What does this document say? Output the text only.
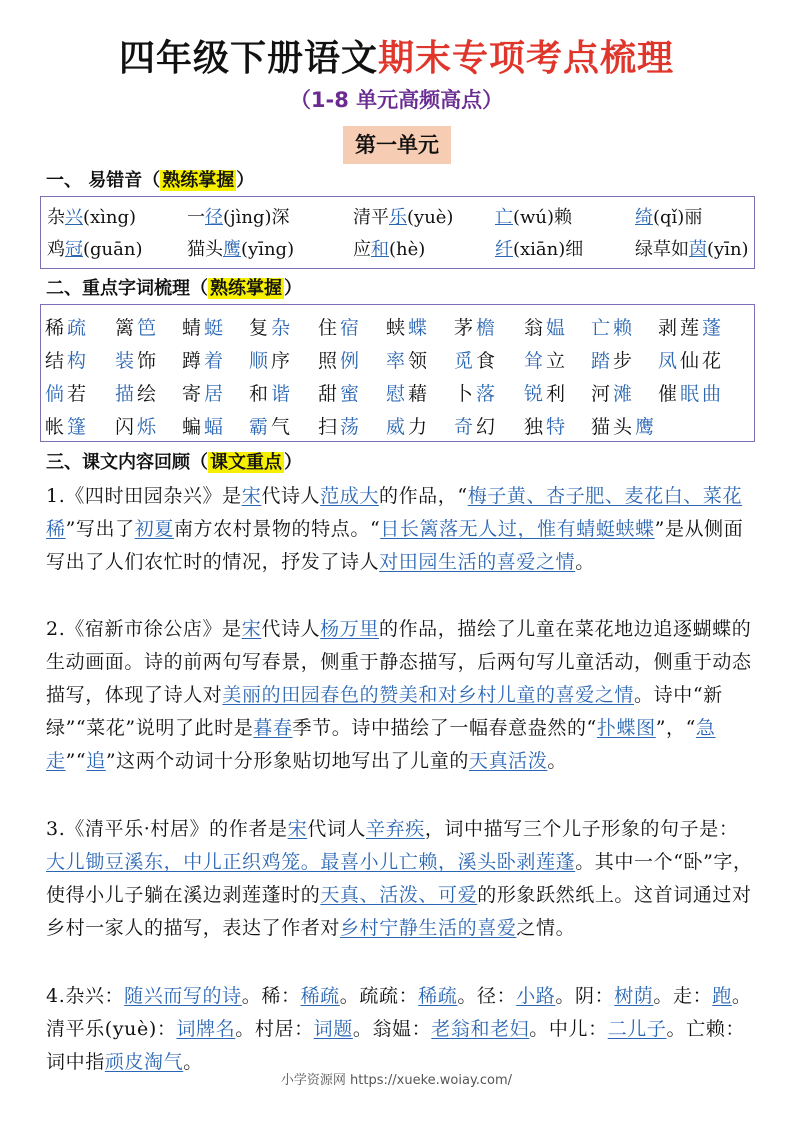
四年级下册语文期末专项考点梳理
（1-8 单元高频高点）
第一单元
一、 易错音（ 熟练掌握 ）
杂兴(xìng)	一径(jìng)深	清平乐(yuè) 亡(wú)赖	绮(qǐ)丽
鸡冠(guān) 猫头鹰(yīng)	应和(hè)	纤(xiān)细	绿草如茵(yīn)
二、重点字词梳理（ 熟练掌握 ）
稀疏 篱笆 蜻蜓 复杂 住宿 蛱蝶 茅檐 翁媪 亡赖 剥莲蓬
结构 装饰 蹲着 顺序 照例 率领 觅食 耸立 踏步 凤仙花
倘若 描绘 寄居 和谐 甜蜜 慰藉 卜落 锐利 河滩 催眠曲
帐篷 闪烁 蝙蝠 霸气 扫荡 威力 奇幻 独特 猫头鹰
三、课文内容回顾（ 课文重点 ）
1.《四时田园杂兴》是宋代诗人范成大的作品，“梅子黄、杏子肥、麦花白、菜花稀”写出了初夏南方农村景物的特点。“日长篱落无人过，惟有蜻蜓蛱蝶”是从侧面写出了人们农忙时的情况，抒发了诗人对田园生活的喜爱之情。
2.《宿新市徐公店》是宋代诗人杨万里的作品，描绘了儿童在菜花地边追逐蝴蝶的生动画面。诗的前两句写春景，侧重于静态描写，后两句写儿童活动，侧重于动态描写，体现了诗人对美丽的田园春色的赞美和对乡村儿童的喜爱之情。诗中“新绿”“菜花”说明了此时是暮春季节。诗中描绘了一幅春意盎然的“扑蝶图”，“急走”“追”这两个动词十分形象贴切地写出了儿童的天真活泼。
3.《清平乐·村居》的作者是宋代词人辛弃疾，词中描写三个儿子形象的句子是：大儿锄豆溪东，中儿正织鸡笼。最喜小儿亡赖，溪头卧剥莲蓬。其中一个“卧”字，使得小儿子躺在溪边剥莲蓬时的天真、活泼、可爱的形象跃然纸上。这首词通过对乡村一家人的描写，表达了作者对乡村宁静生活的喜爱之情。
4.杂兴：随兴而写的诗。稀：稀疏。疏疏：稀疏。径：小路。阴：树荫。走：跑。清平乐(yuè)：词牌名。村居：词题。翁媪：老翁和老妇。中儿：二儿子。亡赖：词中指顽皮淘气。
小学资源网 https://xueke.woiay.com/
